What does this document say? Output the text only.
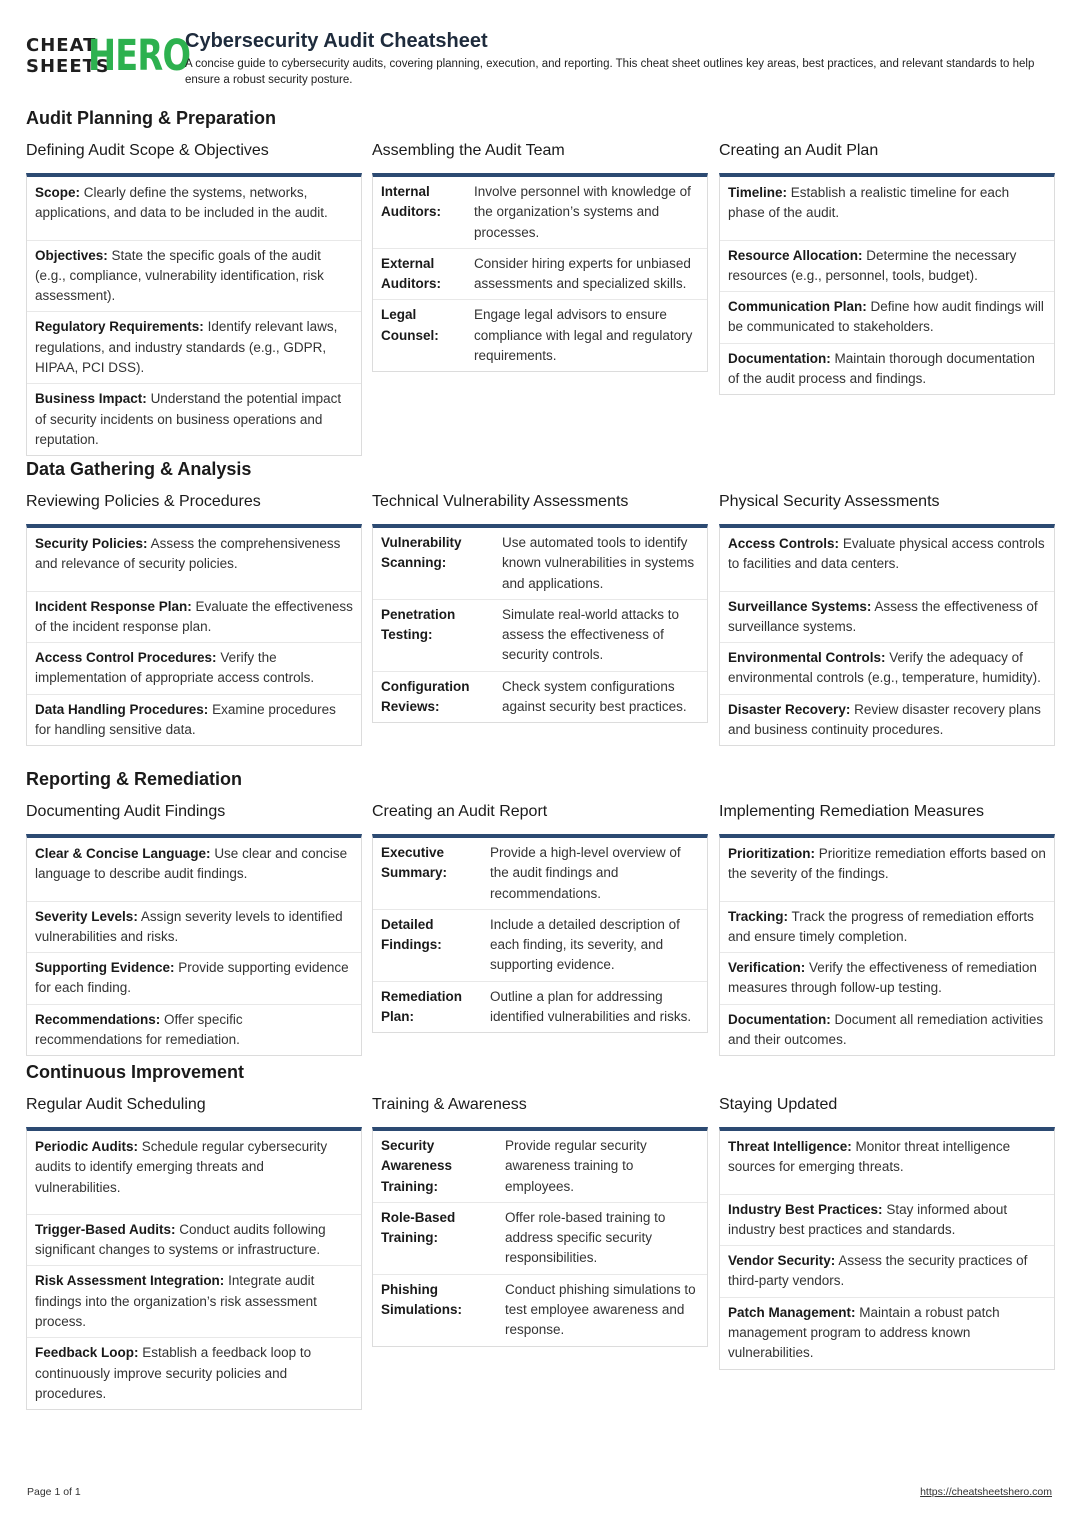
CHEAT
SHEETS
HERO
Cybersecurity Audit Cheatsheet

A concise guide to cybersecurity audits, covering planning, execution, and reporting. This cheat sheet outlines key areas, best practices, and relevant standards to help ensure a robust security posture.

Audit Planning & Preparation
Defining Audit Scope & Objectives
Scope: Clearly define the systems, networks, applications, and data to be included in the audit.
Objectives: State the specific goals of the audit (e.g., compliance, vulnerability identification, risk assessment).
Regulatory Requirements: Identify relevant laws, regulations, and industry standards (e.g., GDPR, HIPAA, PCI DSS).
Business Impact: Understand the potential impact of security incidents on business operations and reputation.
Assembling the Audit Team
Internal Auditors:
Involve personnel with knowledge of the organization’s systems and processes.
External Auditors:
Consider hiring experts for unbiased assessments and specialized skills.
Legal Counsel:
Engage legal advisors to ensure compliance with legal and regulatory requirements.
Creating an Audit Plan
Timeline: Establish a realistic timeline for each phase of the audit.
Resource Allocation: Determine the necessary resources (e.g., personnel, tools, budget).
Communication Plan: Define how audit findings will be communicated to stakeholders.
Documentation: Maintain thorough documentation of the audit process and findings.
Data Gathering & Analysis
Reviewing Policies & Procedures
Security Policies: Assess the comprehensiveness and relevance of security policies.
Incident Response Plan: Evaluate the effectiveness of the incident response plan.
Access Control Procedures: Verify the implementation of appropriate access controls.
Data Handling Procedures: Examine procedures for handling sensitive data.
Technical Vulnerability Assessments
Vulnerability Scanning:
Use automated tools to identify known vulnerabilities in systems and applications.
Penetration Testing:
Simulate real-world attacks to assess the effectiveness of security controls.
Configuration Reviews:
Check system configurations against security best practices.
Physical Security Assessments
Access Controls: Evaluate physical access controls to facilities and data centers.
Surveillance Systems: Assess the effectiveness of surveillance systems.
Environmental Controls: Verify the adequacy of environmental controls (e.g., temperature, humidity).
Disaster Recovery: Review disaster recovery plans and business continuity procedures.
Reporting & Remediation
Documenting Audit Findings
Clear & Concise Language: Use clear and concise language to describe audit findings.
Severity Levels: Assign severity levels to identified vulnerabilities and risks.
Supporting Evidence: Provide supporting evidence for each finding.
Recommendations: Offer specific recommendations for remediation.
Creating an Audit Report
Executive Summary:
Provide a high-level overview of the audit findings and recommendations.
Detailed Findings:
Include a detailed description of each finding, its severity, and supporting evidence.
Remediation Plan:
Outline a plan for addressing identified vulnerabilities and risks.
Implementing Remediation Measures
Prioritization: Prioritize remediation efforts based on the severity of the findings.
Tracking: Track the progress of remediation efforts and ensure timely completion.
Verification: Verify the effectiveness of remediation measures through follow-up testing.
Documentation: Document all remediation activities and their outcomes.
Continuous Improvement
Regular Audit Scheduling
Periodic Audits: Schedule regular cybersecurity audits to identify emerging threats and vulnerabilities.
Trigger-Based Audits: Conduct audits following significant changes to systems or infrastructure.
Risk Assessment Integration: Integrate audit findings into the organization’s risk assessment process.
Feedback Loop: Establish a feedback loop to continuously improve security policies and procedures.
Training & Awareness
Security Awareness Training:
Provide regular security awareness training to employees.
Role-Based Training:
Offer role-based training to address specific security responsibilities.
Phishing Simulations:
Conduct phishing simulations to test employee awareness and response.
Staying Updated
Threat Intelligence: Monitor threat intelligence sources for emerging threats.
Industry Best Practices: Stay informed about industry best practices and standards.
Vendor Security: Assess the security practices of third-party vendors.
Patch Management: Maintain a robust patch management program to address known vulnerabilities.
Page 1 of 1	https://cheatsheetshero.com
